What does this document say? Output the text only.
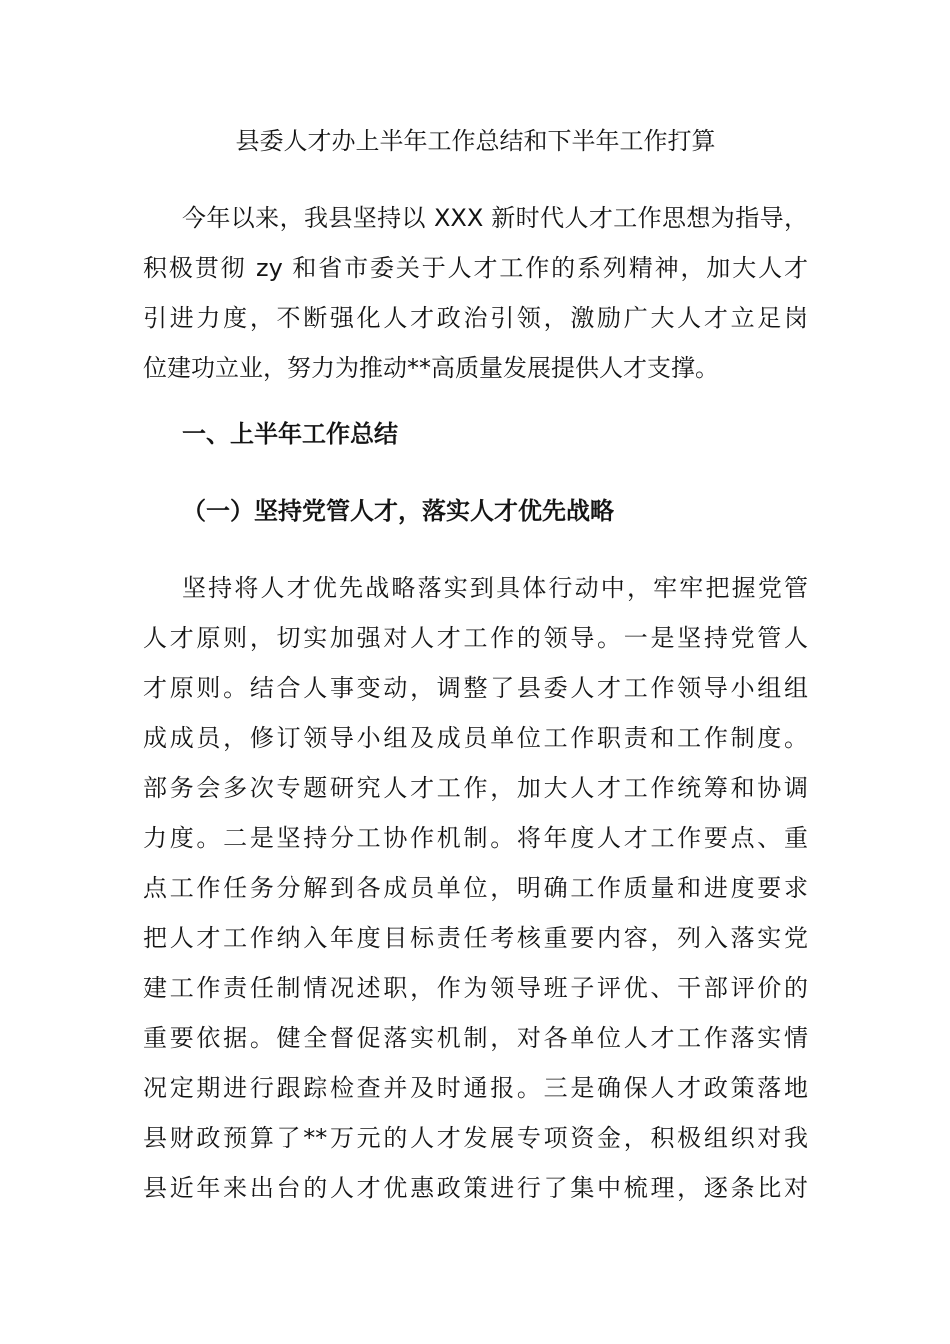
县委人才办上半年工作总结和下半年工作打算
今年以来，我县坚持以 XXX 新时代人才工作思想为指导，
积极贯彻 zy 和省市委关于人才工作的系列精神，加大人才
引进力度，不断强化人才政治引领，激励广大人才立足岗
位建功立业，努力为推动**高质量发展提供人才支撑。
一、上半年工作总结
（一）坚持党管人才，落实人才优先战略
坚持将人才优先战略落实到具体行动中，牢牢把握党管
人才原则，切实加强对人才工作的领导。一是坚持党管人
才原则。结合人事变动，调整了县委人才工作领导小组组
成成员，修订领导小组及成员单位工作职责和工作制度。
部务会多次专题研究人才工作，加大人才工作统筹和协调
力度。二是坚持分工协作机制。将年度人才工作要点、重
点工作任务分解到各成员单位，明确工作质量和进度要求
把人才工作纳入年度目标责任考核重要内容，列入落实党
建工作责任制情况述职，作为领导班子评优、干部评价的
重要依据。健全督促落实机制，对各单位人才工作落实情
况定期进行跟踪检查并及时通报。三是确保人才政策落地
县财政预算了**万元的人才发展专项资金，积极组织对我
县近年来出台的人才优惠政策进行了集中梳理，逐条比对
